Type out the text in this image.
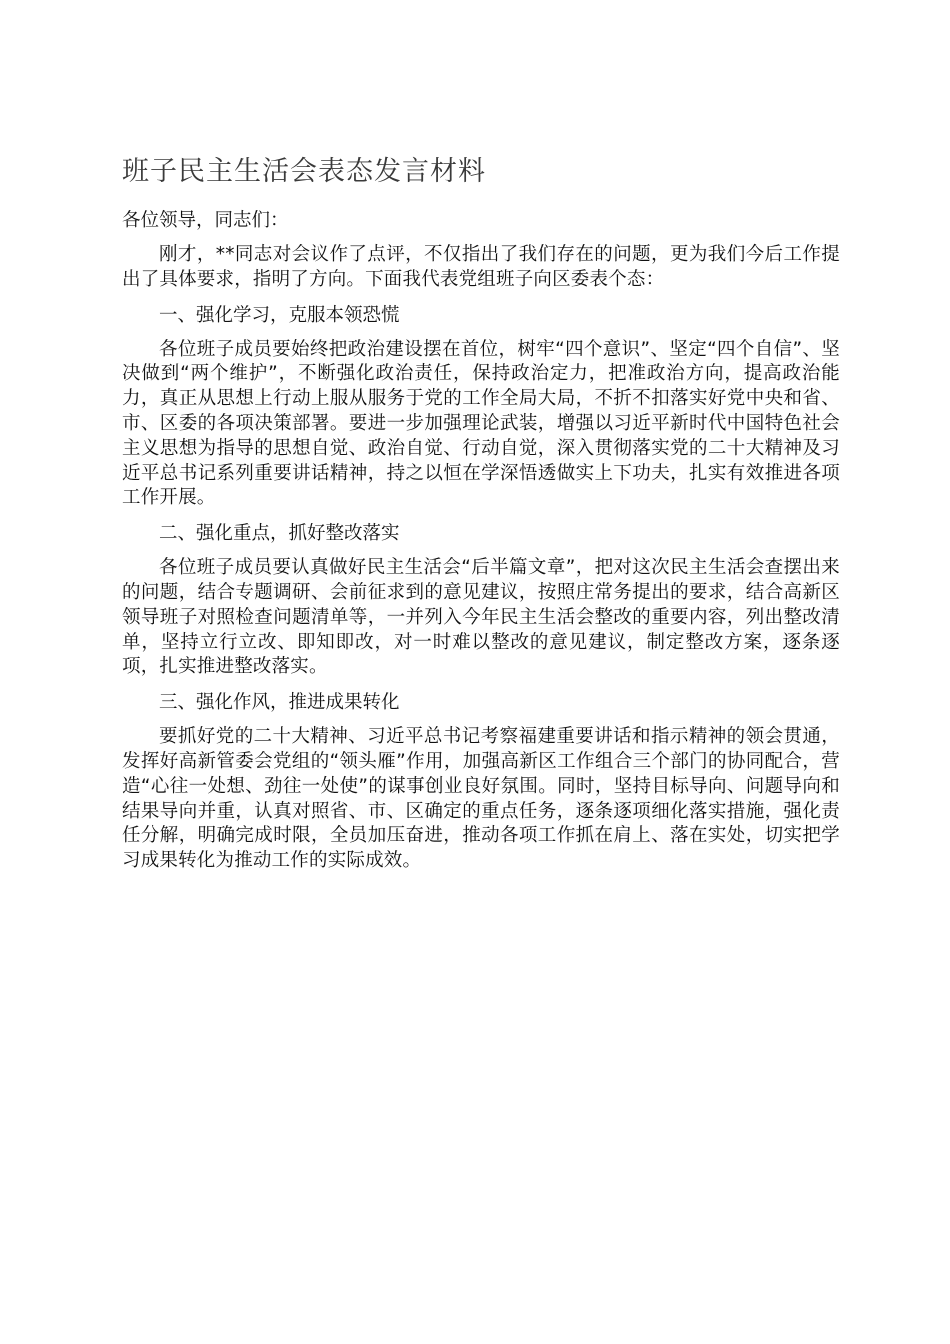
班子民主生活会表态发言材料

各位领导，同志们：

刚才，**同志对会议作了点评，不仅指出了我们存在的问题，更为我们今后工作提出了具体要求，指明了方向。下面我代表党组班子向区委表个态：

一、强化学习，克服本领恐慌

各位班子成员要始终把政治建设摆在首位，树牢“四个意识”、坚定“四个自信”、坚决做到“两个维护”，不断强化政治责任，保持政治定力，把准政治方向，提高政治能力，真正从思想上行动上服从服务于党的工作全局大局，不折不扣落实好党中央和省、市、区委的各项决策部署。要进一步加强理论武装，增强以习近平新时代中国特色社会主义思想为指导的思想自觉、政治自觉、行动自觉，深入贯彻落实党的二十大精神及习近平总书记系列重要讲话精神，持之以恒在学深悟透做实上下功夫，扎实有效推进各项工作开展。

二、强化重点，抓好整改落实

各位班子成员要认真做好民主生活会“后半篇文章”，把对这次民主生活会查摆出来的问题，结合专题调研、会前征求到的意见建议，按照庄常务提出的要求，结合高新区领导班子对照检查问题清单等，一并列入今年民主生活会整改的重要内容，列出整改清单，坚持立行立改、即知即改，对一时难以整改的意见建议，制定整改方案，逐条逐项，扎实推进整改落实。

三、强化作风，推进成果转化

要抓好党的二十大精神、习近平总书记考察福建重要讲话和指示精神的领会贯通，发挥好高新管委会党组的“领头雁”作用，加强高新区工作组合三个部门的协同配合，营造“心往一处想、劲往一处使”的谋事创业良好氛围。同时，坚持目标导向、问题导向和结果导向并重，认真对照省、市、区确定的重点任务，逐条逐项细化落实措施，强化责任分解，明确完成时限，全员加压奋进，推动各项工作抓在肩上、落在实处，切实把学习成果转化为推动工作的实际成效。
